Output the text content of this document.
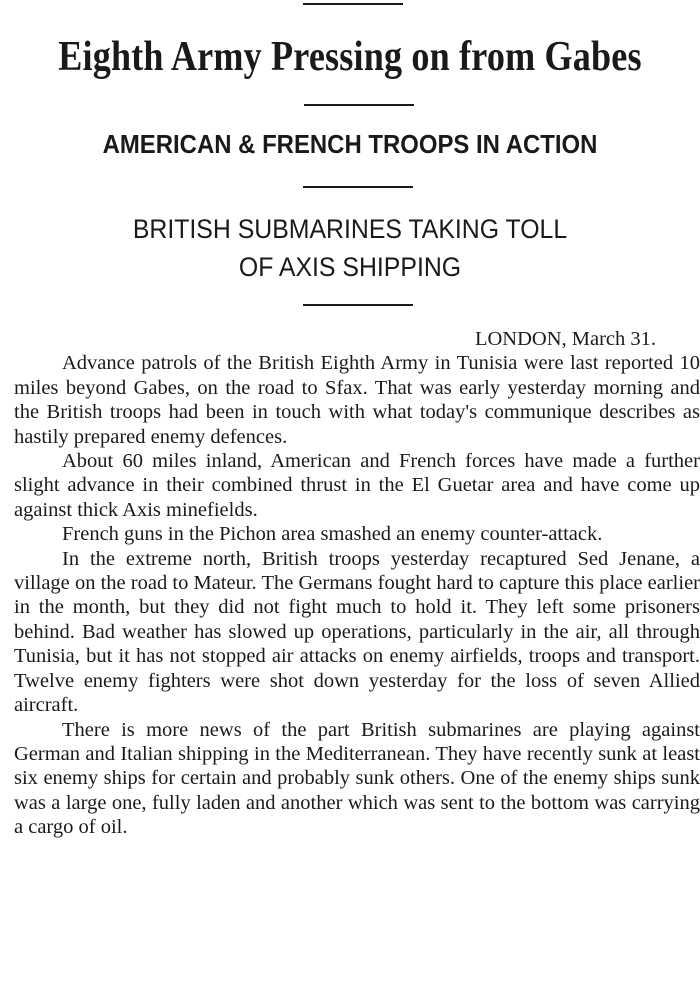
Eighth Army Pressing on from Gabes
AMERICAN & FRENCH TROOPS IN ACTION
BRITISH SUBMARINES TAKING TOLL
OF AXIS SHIPPING

LONDON, March 31.

Advance patrols of the British Eighth Army in Tunisia were last reported 10 miles beyond Gabes, on the road to Sfax. That was early yesterday morning and the British troops had been in touch with what today's communique describes as hastily prepared enemy defences.

About 60 miles inland, American and French forces have made a further slight advance in their combined thrust in the El Guetar area and have come up against thick Axis minefields.

French guns in the Pichon area smashed an enemy counter-attack.

In the extreme north, British troops yesterday recaptured Sed Jenane, a village on the road to Mateur. The Germans fought hard to capture this place earlier in the month, but they did not fight much to hold it. They left some prisoners behind. Bad weather has slowed up operations, particularly in the air, all through Tunisia, but it has not stopped air attacks on enemy airfields, troops and transport. Twelve enemy fighters were shot down yesterday for the loss of seven Allied aircraft.

There is more news of the part British submarines are playing against German and Italian shipping in the Mediterranean. They have recently sunk at least six enemy ships for certain and probably sunk others. One of the enemy ships sunk was a large one, fully laden and another which was sent to the bottom was carrying a cargo of oil.
